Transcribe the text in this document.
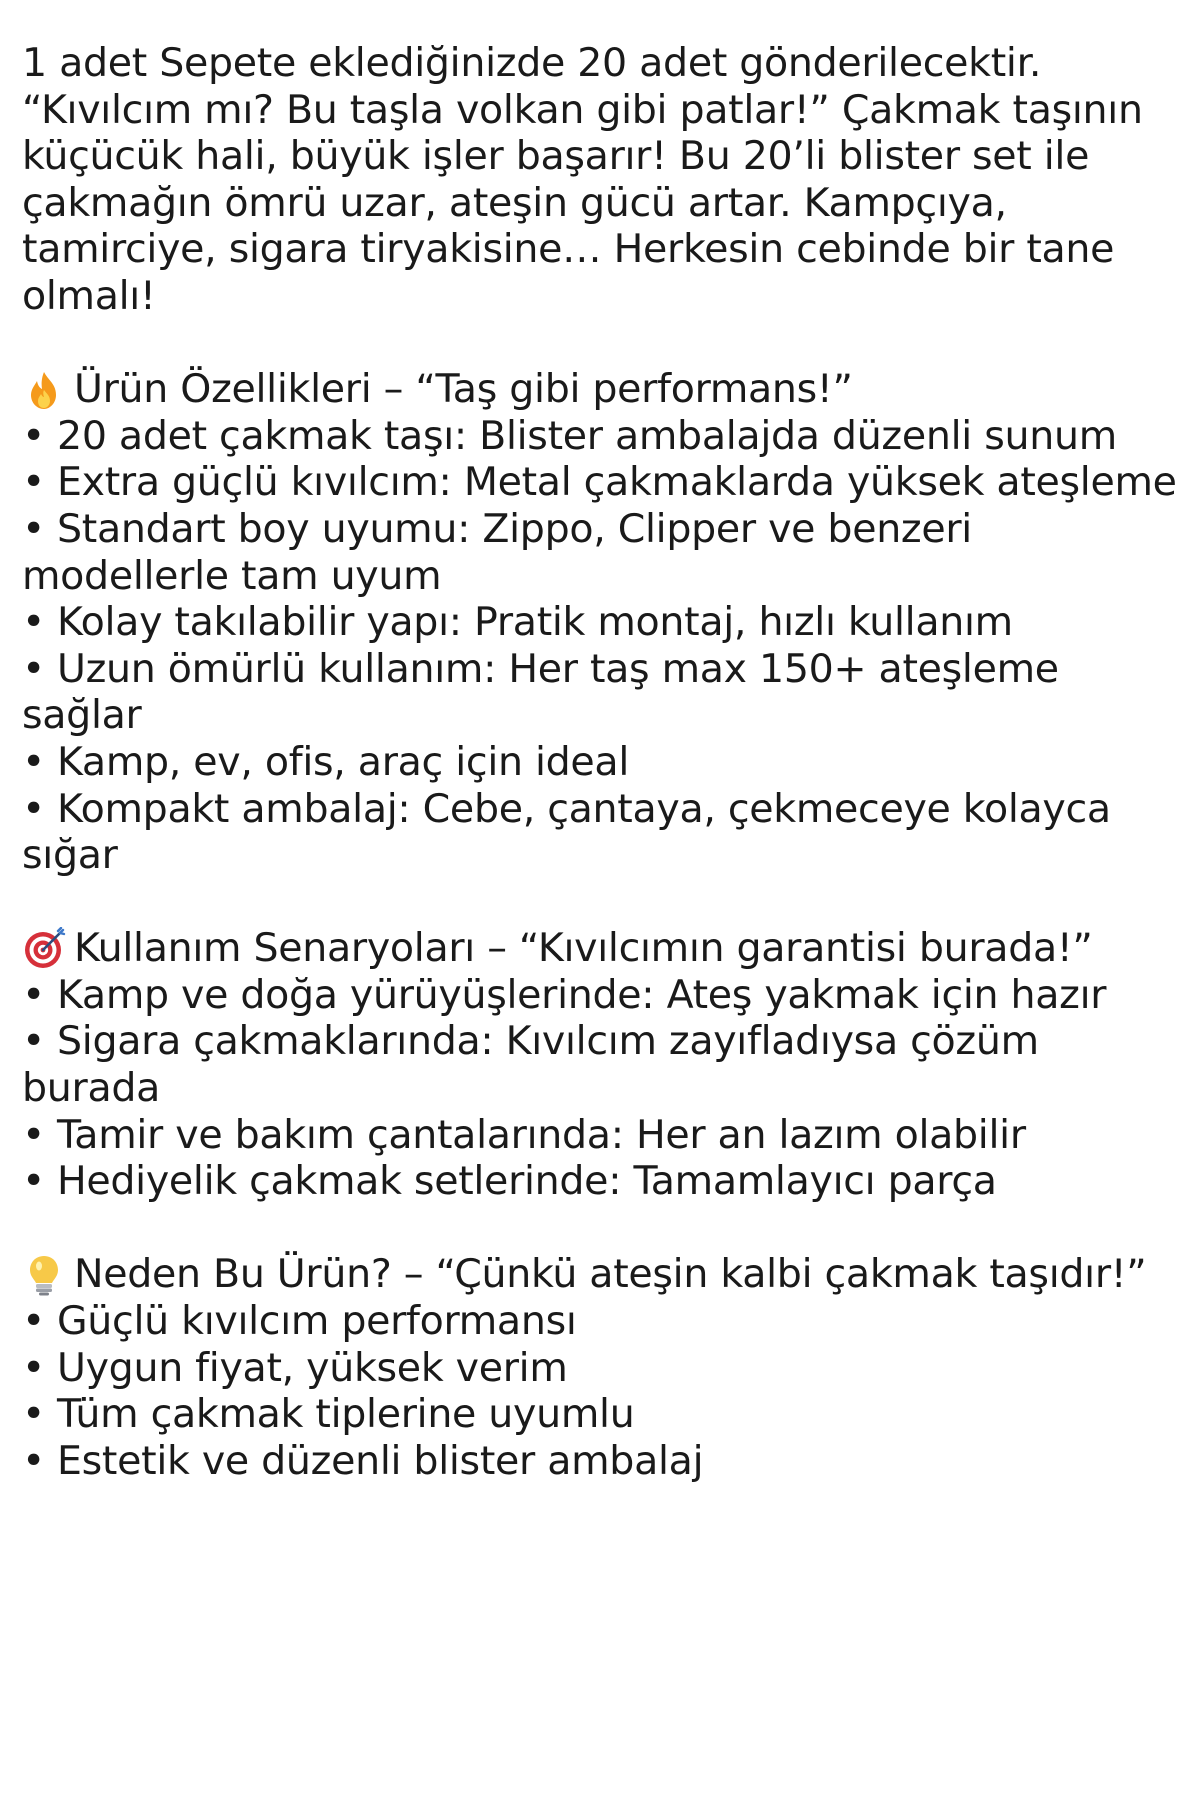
1 adet Sepete eklediğinizde 20 adet gönderilecektir.

“Kıvılcım mı? Bu taşla volkan gibi patlar!” Çakmak taşının küçücük hali, büyük işler başarır! Bu 20’li blister set ile çakmağın ömrü uzar, ateşin gücü artar. Kampçıya, tamirciye, sigara tiryakisine… Herkesin cebinde bir tane olmalı!

Ürün Özellikleri – “Taş gibi performans!”

• 20 adet çakmak taşı: Blister ambalajda düzenli sunum
• Extra güçlü kıvılcım: Metal çakmaklarda yüksek ateşleme
• Standart boy uyumu: Zippo, Clipper ve benzeri modellerle tam uyum
• Kolay takılabilir yapı: Pratik montaj, hızlı kullanım
• Uzun ömürlü kullanım: Her taş max 150+ ateşleme sağlar
• Kamp, ev, ofis, araç için ideal
• Kompakt ambalaj: Cebe, çantaya, çekmeceye kolayca sığar

Kullanım Senaryoları – “Kıvılcımın garantisi burada!”

• Kamp ve doğa yürüyüşlerinde: Ateş yakmak için hazır
• Sigara çakmaklarında: Kıvılcım zayıfladıysa çözüm burada
• Tamir ve bakım çantalarında: Her an lazım olabilir
• Hediyelik çakmak setlerinde: Tamamlayıcı parça

Neden Bu Ürün? – “Çünkü ateşin kalbi çakmak taşıdır!”

• Güçlü kıvılcım performansı
• Uygun fiyat, yüksek verim
• Tüm çakmak tiplerine uyumlu
• Estetik ve düzenli blister ambalaj
